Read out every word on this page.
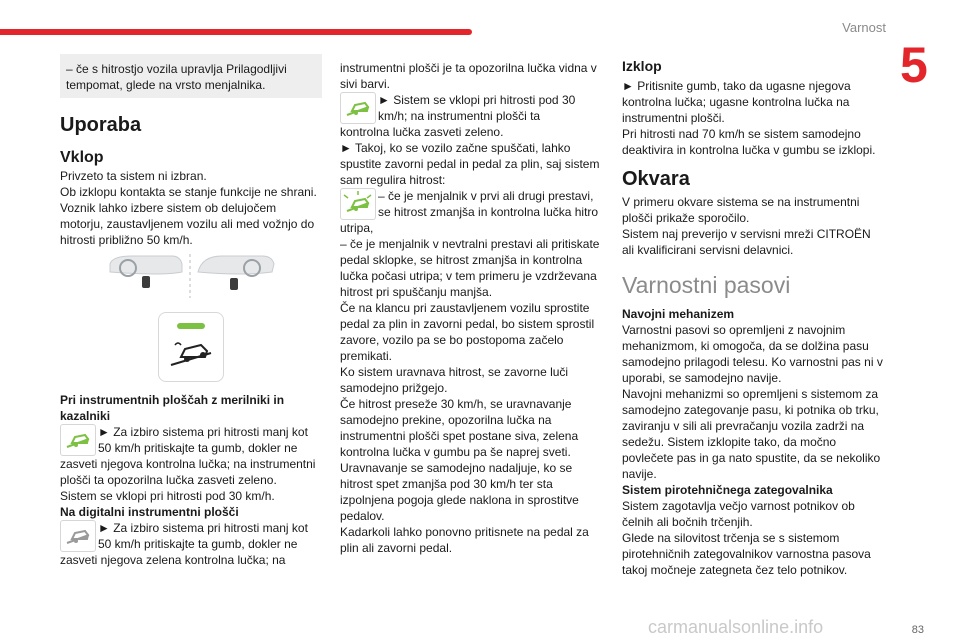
Varnost
5
– če s hitrostjo vozila upravlja Prilagodljivi tempomat, glede na vrsto menjalnika.
Uporaba
Vklop

Privzeto ta sistem ni izbran.

Ob izklopu kontakta se stanje funkcije ne shrani.

Voznik lahko izbere sistem ob delujočem motorju, zaustavljenem vozilu ali med vožnjo do hitrosti približno 50 km/h.

Pri instrumentnih ploščah z merilniki in kazalniki

► Za izbiro sistema pri hitrosti manj kot 50 km/h pritiskajte ta gumb, dokler ne

zasveti njegova kontrolna lučka; na instrumentni plošči ta opozorilna lučka zasveti zeleno.

Sistem se vklopi pri hitrosti pod 30 km/h.

Na digitalni instrumentni plošči

► Za izbiro sistema pri hitrosti manj kot 50 km/h pritiskajte ta gumb, dokler ne

zasveti njegova zelena kontrolna lučka; na

instrumentni plošči je ta opozorilna lučka vidna v sivi barvi.

► Sistem se vklopi pri hitrosti pod 30 km/h; na instrumentni plošči ta

kontrolna lučka zasveti zeleno.

► Takoj, ko se vozilo začne spuščati, lahko spustite zavorni pedal in pedal za plin, saj sistem sam regulira hitrost:

– če je menjalnik v prvi ali drugi prestavi, se hitrost zmanjša in kontrolna lučka hitro

utripa,

– če je menjalnik v nevtralni prestavi ali pritiskate pedal sklopke, se hitrost zmanjša in kontrolna lučka počasi utripa; v tem primeru je vzdrževana hitrost pri spuščanju manjša.

Če na klancu pri zaustavljenem vozilu sprostite pedal za plin in zavorni pedal, bo sistem sprostil zavore, vozilo pa se bo postopoma začelo premikati.

Ko sistem uravnava hitrost, se zavorne luči samodejno prižgejo.

Če hitrost preseže 30 km/h, se uravnavanje samodejno prekine, opozorilna lučka na instrumentni plošči spet postane siva, zelena kontrolna lučka v gumbu pa še naprej sveti.

Uravnavanje se samodejno nadaljuje, ko se hitrost spet zmanjša pod 30 km/h ter sta izpolnjena pogoja glede naklona in sprostitve pedalov.

Kadarkoli lahko ponovno pritisnete na pedal za plin ali zavorni pedal.

Izklop

► Pritisnite gumb, tako da ugasne njegova kontrolna lučka; ugasne kontrolna lučka na instrumentni plošči.

Pri hitrosti nad 70 km/h se sistem samodejno deaktivira in kontrolna lučka v gumbu se izklopi.

Okvara

V primeru okvare sistema se na instrumentni plošči prikaže sporočilo.

Sistem naj preverijo v servisni mreži CITROËN ali kvalificirani servisni delavnici.

Varnostni pasovi
Navojni mehanizem

Varnostni pasovi so opremljeni z navojnim mehanizmom, ki omogoča, da se dolžina pasu samodejno prilagodi telesu. Ko varnostni pas ni v uporabi, se samodejno navije.

Navojni mehanizmi so opremljeni s sistemom za samodejno zategovanje pasu, ki potnika ob trku, zaviranju v sili ali prevračanju vozila zadrži na sedežu. Sistem izklopite tako, da močno povlečete pas in ga nato spustite, da se nekoliko navije.

Sistem pirotehničnega zategovalnika

Sistem zagotavlja večjo varnost potnikov ob čelnih ali bočnih trčenjih.

Glede na silovitost trčenja se s sistemom pirotehničnih zategovalnikov varnostna pasova takoj močneje zategneta čez telo potnikov.

carmanualsonline.info	83
